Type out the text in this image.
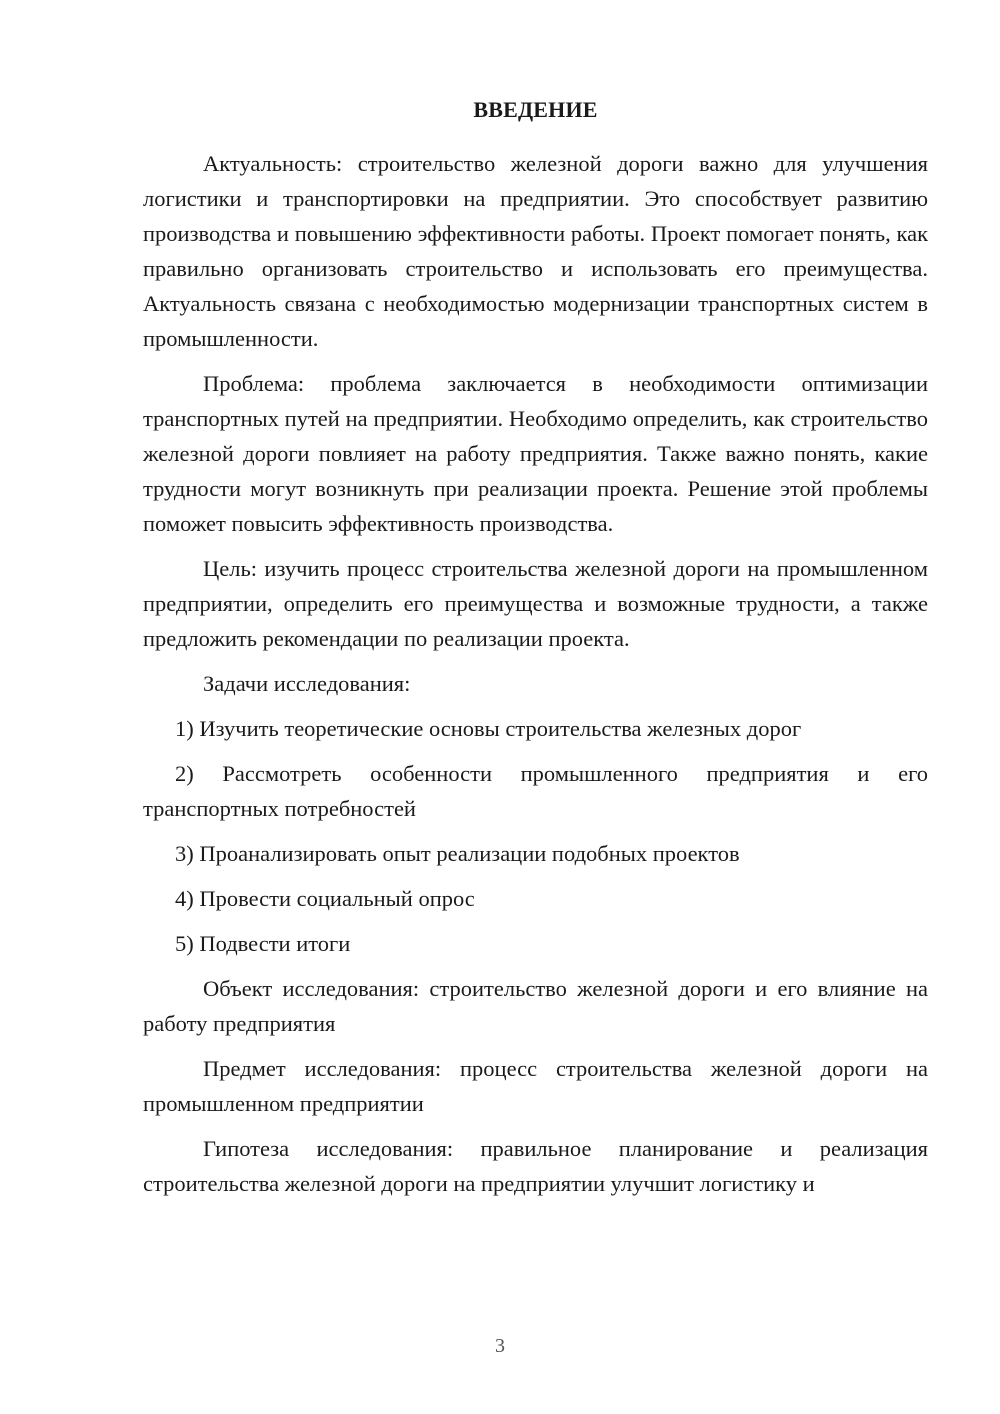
ВВЕДЕНИЕ

Актуальность: строительство железной дороги важно для улучшения логистики и транспортировки на предприятии. Это способствует развитию производства и повышению эффективности работы. Проект помогает понять, как правильно организовать строительство и использовать его преимущества. Актуальность связана с необходимостью модернизации транспортных систем в промышленности.

Проблема: проблема заключается в необходимости оптимизации транспортных путей на предприятии. Необходимо определить, как строительство железной дороги повлияет на работу предприятия. Также важно понять, какие трудности могут возникнуть при реализации проекта. Решение этой проблемы поможет повысить эффективность производства.

Цель: изучить процесс строительства железной дороги на промышленном предприятии, определить его преимущества и возможные трудности, а также предложить рекомендации по реализации проекта.

Задачи исследования:

1) Изучить теоретические основы строительства железных дорог

2) Рассмотреть особенности промышленного предприятия и его транспортных потребностей

3) Проанализировать опыт реализации подобных проектов

4) Провести социальный опрос

5) Подвести итоги

Объект исследования: строительство железной дороги и его влияние на работу предприятия

Предмет исследования: процесс строительства железной дороги на промышленном предприятии

Гипотеза исследования: правильное планирование и реализация строительства железной дороги на предприятии улучшит логистику и

3
